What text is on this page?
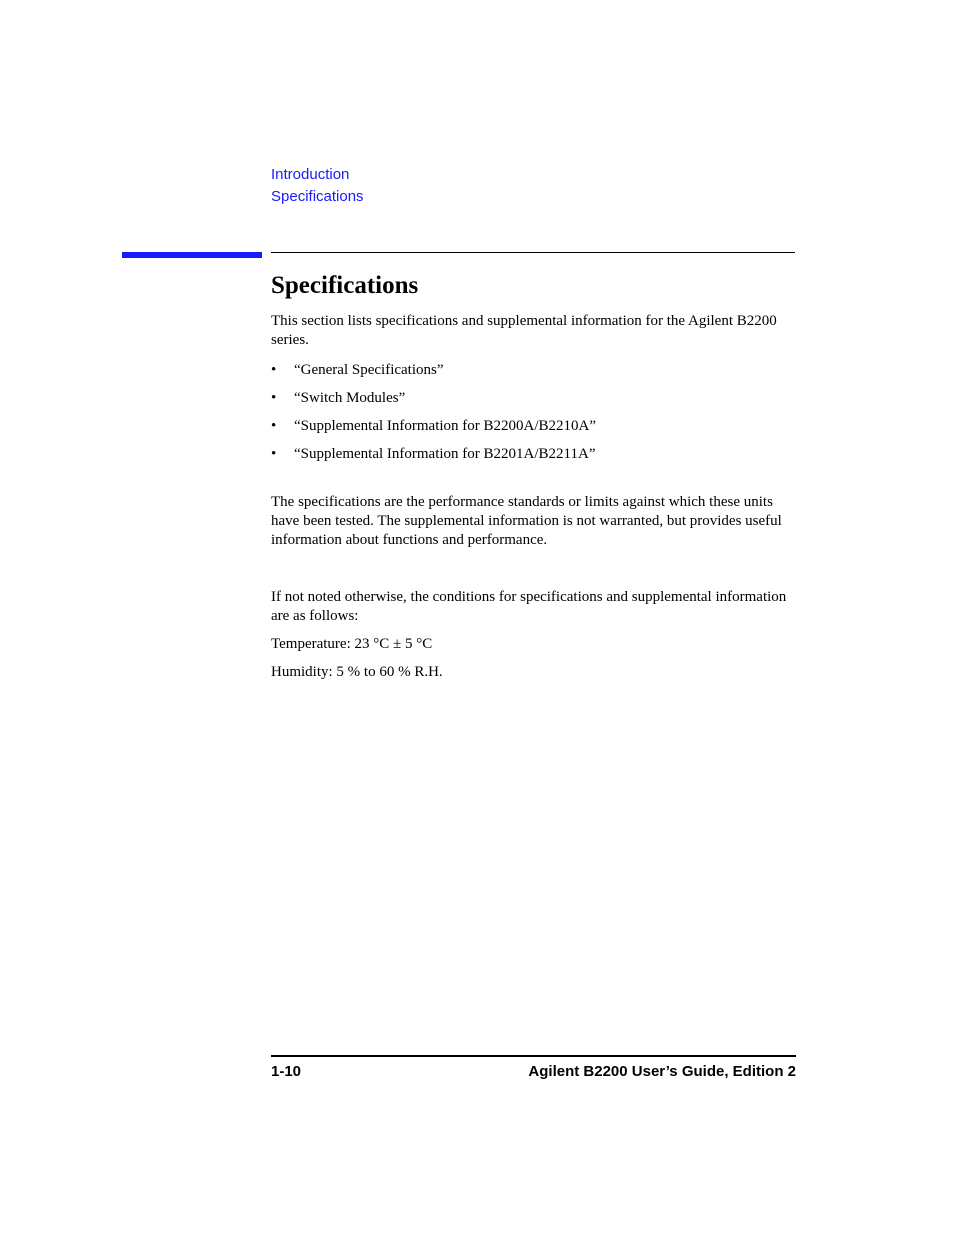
Introduction
Specifications
Specifications

This section lists specifications and supplemental information for the Agilent B2200 series.

• “General Specifications”
• “Switch Modules”
• “Supplemental Information for B2200A/B2210A”
• “Supplemental Information for B2201A/B2211A”

The specifications are the performance standards or limits against which these units have been tested. The supplemental information is not warranted, but provides useful information about functions and performance.

If not noted otherwise, the conditions for specifications and supplemental information are as follows:

Temperature: 23 °C ± 5 °C

Humidity: 5 % to 60 % R.H.

1-10	Agilent B2200 User’s Guide, Edition 2
